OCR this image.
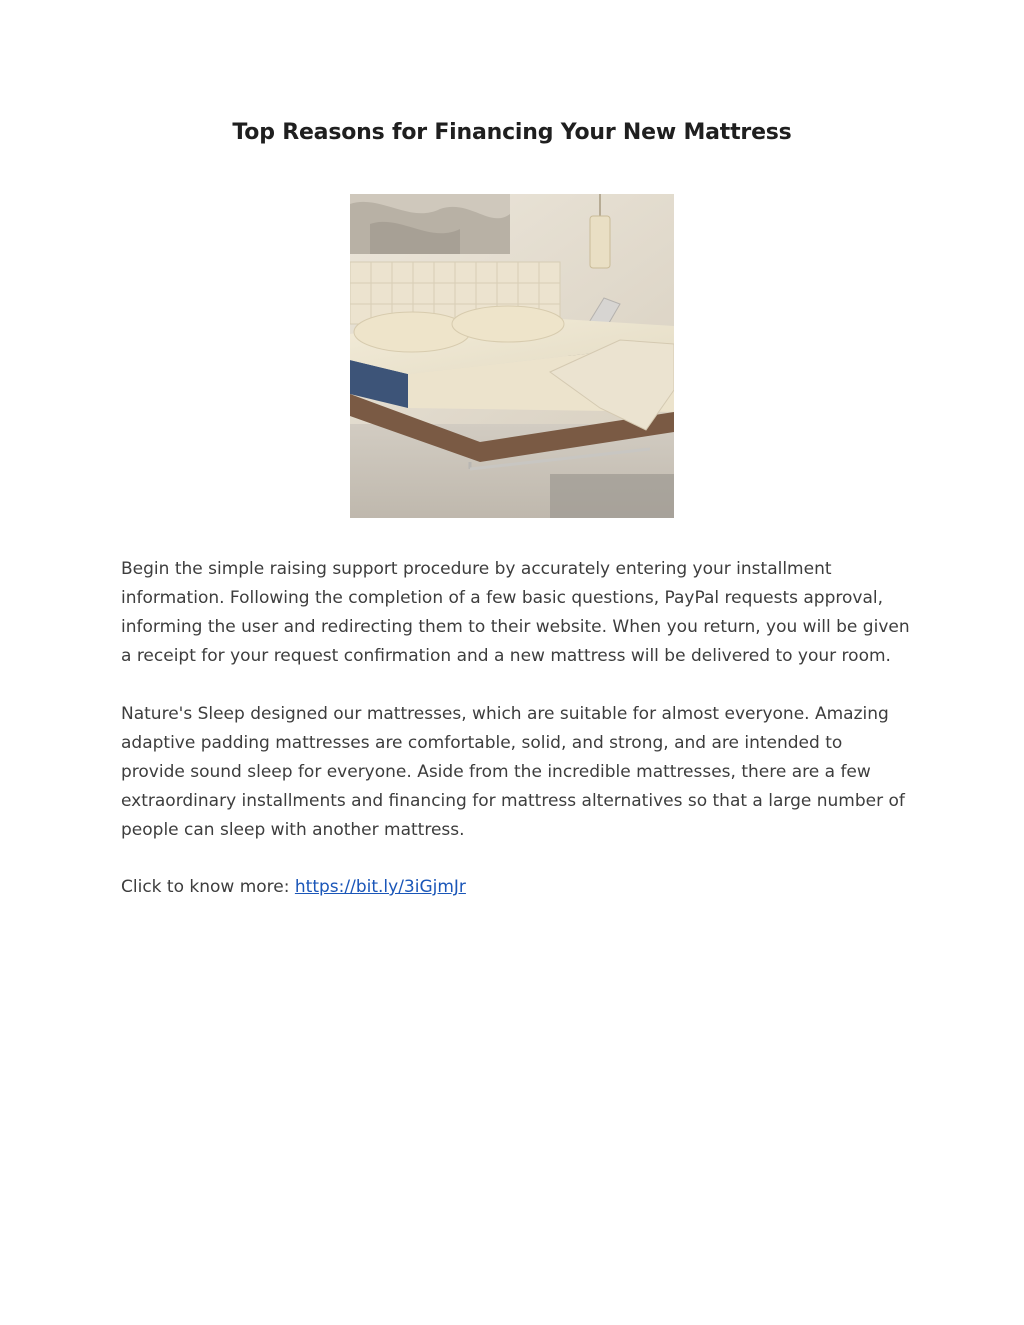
Top Reasons for Financing Your New Mattress

Begin the simple raising support procedure by accurately entering your installment information. Following the completion of a few basic questions, PayPal requests approval, informing the user and redirecting them to their website. When you return, you will be given a receipt for your request confirmation and a new mattress will be delivered to your room.

Nature's Sleep designed our mattresses, which are suitable for almost everyone. Amazing adaptive padding mattresses are comfortable, solid, and strong, and are intended to provide sound sleep for everyone. Aside from the incredible mattresses, there are a few extraordinary installments and financing for mattress alternatives so that a large number of people can sleep with another mattress.

Click to know more: https://bit.ly/3iGjmJr
